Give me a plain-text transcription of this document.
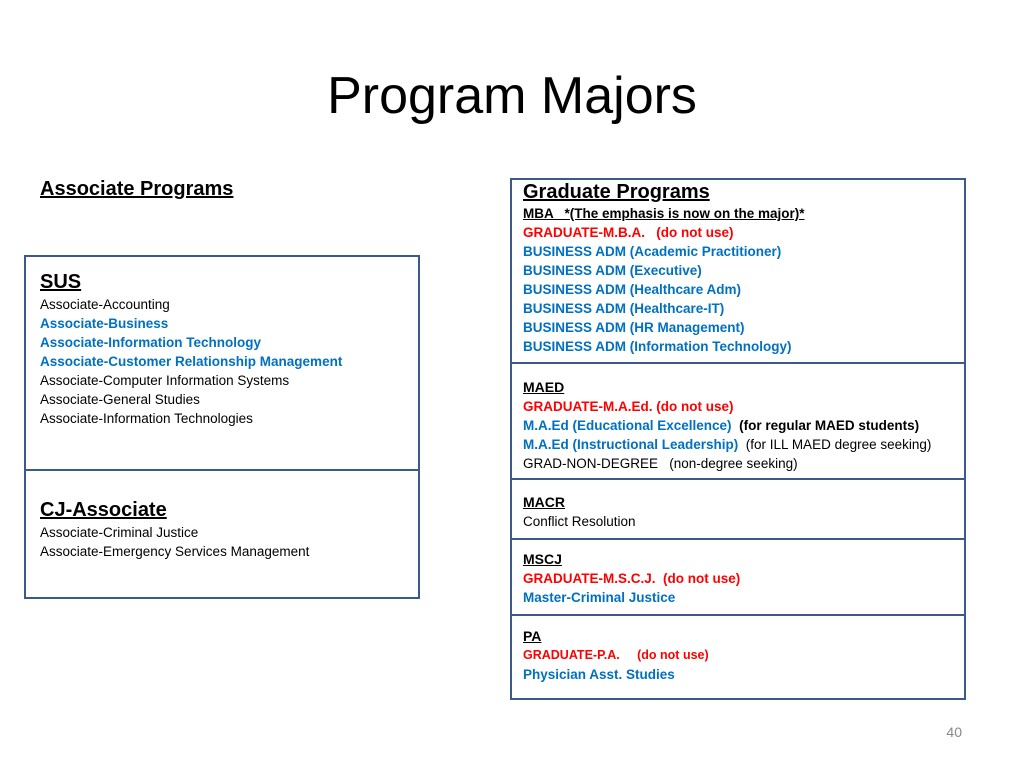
Program Majors
Associate Programs
SUS
Associate-Accounting
Associate-Business
Associate-Information Technology
Associate-Customer Relationship Management
Associate-Computer Information Systems
Associate-General Studies
Associate-Information Technologies
CJ-Associate
Associate-Criminal Justice
Associate-Emergency Services Management
Graduate Programs
MBA   *(The emphasis is now on the major)*
GRADUATE-M.B.A.   (do not use)
BUSINESS ADM (Academic Practitioner)
BUSINESS ADM (Executive)
BUSINESS ADM (Healthcare Adm)
BUSINESS ADM (Healthcare-IT)
BUSINESS ADM (HR Management)
BUSINESS ADM (Information Technology)
MAED
GRADUATE-M.A.Ed. (do not use)
M.A.Ed (Educational Excellence) (for regular MAED students)
M.A.Ed (Instructional Leadership) (for ILL MAED degree seeking)
GRAD-NON-DEGREE   (non-degree seeking)
MACR
Conflict Resolution
MSCJ
GRADUATE-M.S.C.J.  (do not use)
Master-Criminal Justice
PA
GRADUATE-P.A.     (do not use)
Physician Asst. Studies
40
